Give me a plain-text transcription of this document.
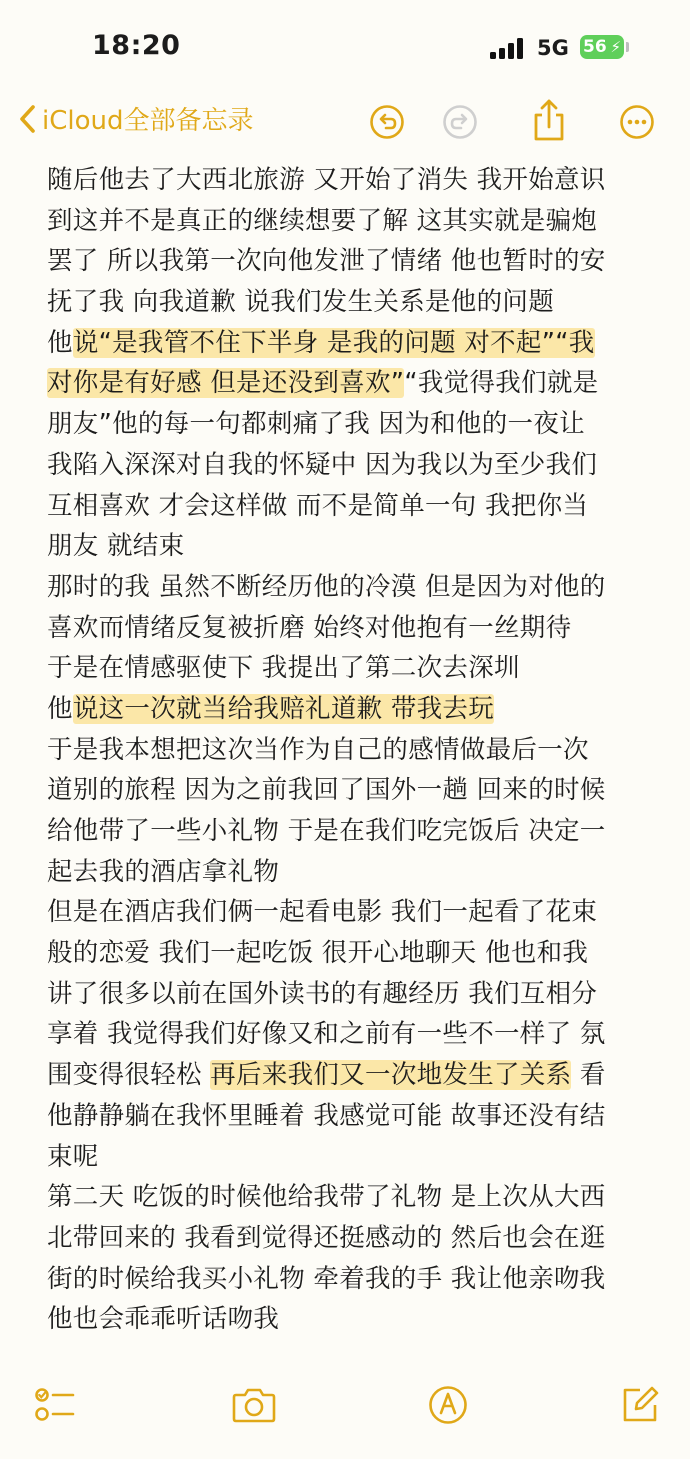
18:20	5G 56 ⚡
iCloud全部备忘录
随后他去了大西北旅游 又开始了消失 我开始意识
到这并不是真正的继续想要了解 这其实就是骗炮
罢了 所以我第一次向他发泄了情绪 他也暂时的安
抚了我 向我道歉 说我们发生关系是他的问题
他说“是我管不住下半身 是我的问题 对不起”“我
对你是有好感 但是还没到喜欢”“我觉得我们就是
朋友”他的每一句都刺痛了我 因为和他的一夜让
我陷入深深对自我的怀疑中 因为我以为至少我们
互相喜欢 才会这样做 而不是简单一句 我把你当
朋友 就结束
那时的我 虽然不断经历他的冷漠 但是因为对他的
喜欢而情绪反复被折磨 始终对他抱有一丝期待
于是在情感驱使下 我提出了第二次去深圳
他说这一次就当给我赔礼道歉 带我去玩
于是我本想把这次当作为自己的感情做最后一次
道别的旅程 因为之前我回了国外一趟 回来的时候
给他带了一些小礼物 于是在我们吃完饭后 决定一
起去我的酒店拿礼物
但是在酒店我们俩一起看电影 我们一起看了花束
般的恋爱 我们一起吃饭 很开心地聊天 他也和我
讲了很多以前在国外读书的有趣经历 我们互相分
享着 我觉得我们好像又和之前有一些不一样了 氛
围变得很轻松 再后来我们又一次地发生了关系 看
他静静躺在我怀里睡着 我感觉可能 故事还没有结
束呢
第二天 吃饭的时候他给我带了礼物 是上次从大西
北带回来的 我看到觉得还挺感动的 然后也会在逛
街的时候给我买小礼物 牵着我的手 我让他亲吻我
他也会乖乖听话吻我
